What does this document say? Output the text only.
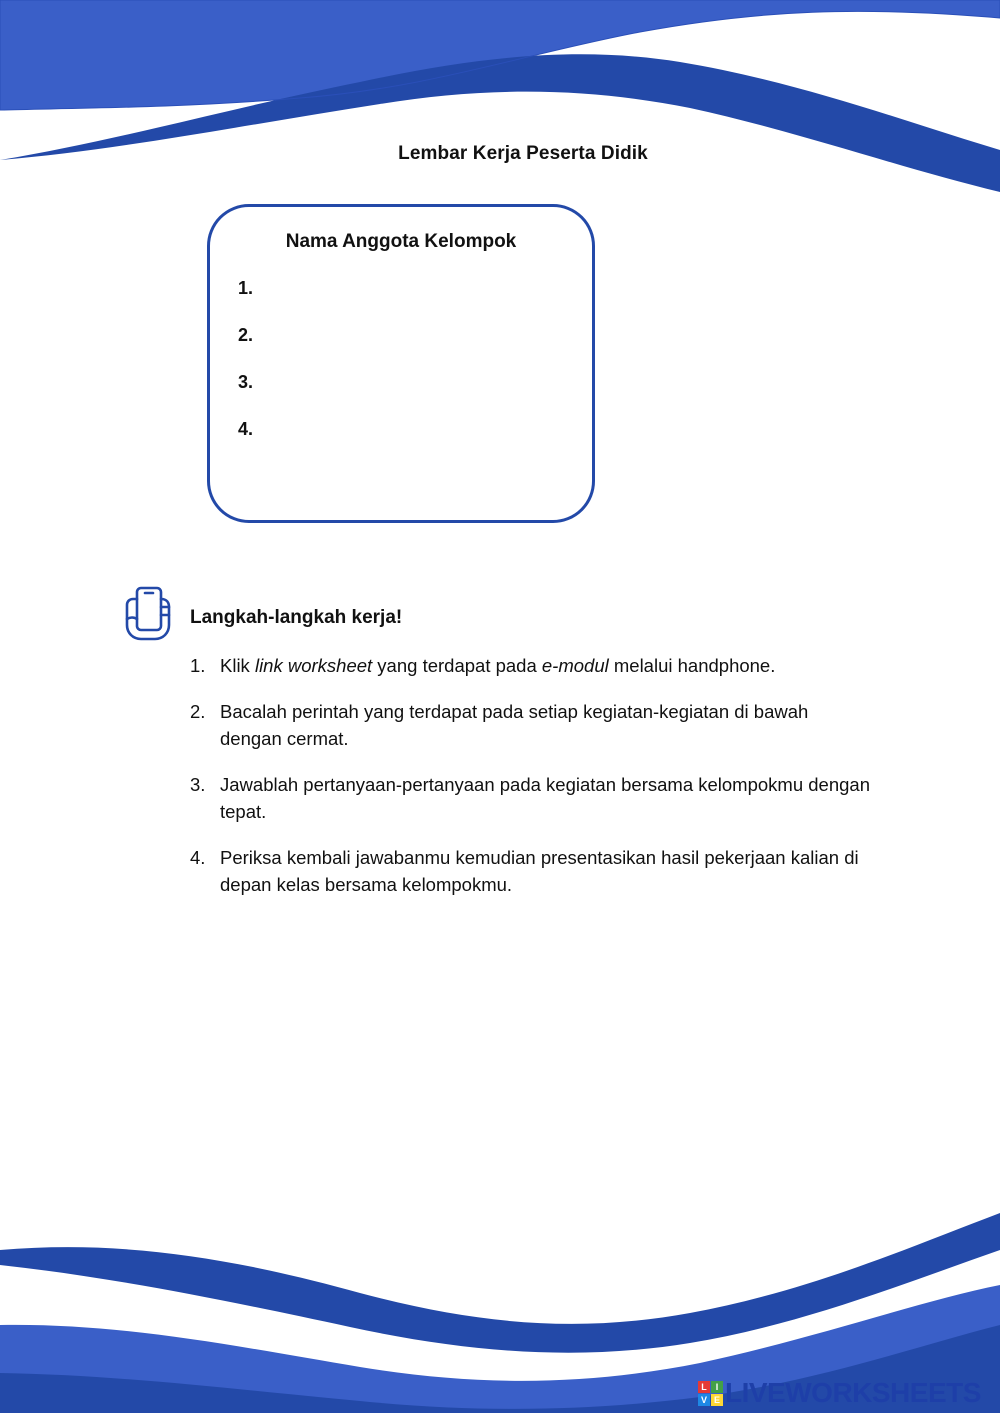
Lembar Kerja Peserta Didik
Nama Anggota Kelompok
1.
2.
3.
4.
Langkah-langkah kerja!
1. Klik link worksheet yang terdapat pada e-modul melalui handphone.
2. Bacalah perintah yang terdapat pada setiap kegiatan-kegiatan di bawah dengan cermat.
3. Jawablah pertanyaan-pertanyaan pada kegiatan bersama kelompokmu dengan tepat.
4. Periksa kembali jawabanmu kemudian presentasikan hasil pekerjaan kalian di depan kelas bersama kelompokmu.
L I
V E LIVEWORKSHEETS
